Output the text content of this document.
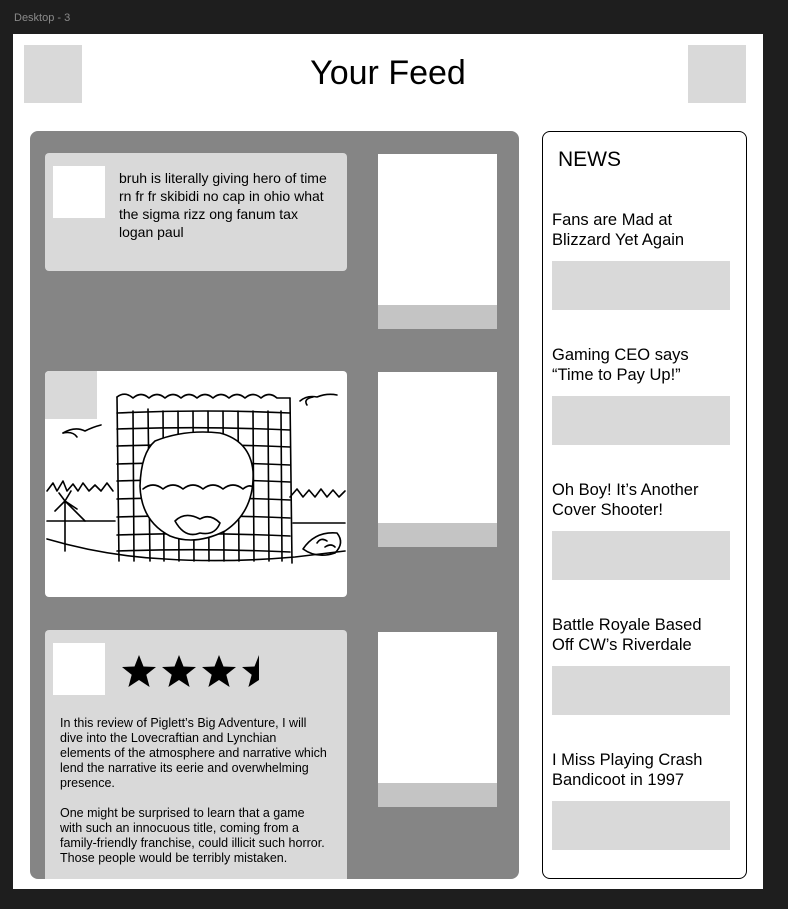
Desktop - 3
Your Feed
bruh is literally giving hero of time rn fr fr skibidi no cap in ohio what the sigma rizz ong fanum tax logan paul

In this review of Piglett’s Big Adventure, I will dive into the Lovecraftian and Lynchian elements of the atmosphere and narrative which lend the narrative its eerie and overwhelming presence.

One might be surprised to learn that a game with such an innocuous title, coming from a family-friendly franchise, could illicit such horror. Those people would be terribly mistaken.

NEWS
Fans are Mad at
Blizzard Yet Again
Gaming CEO says
“Time to Pay Up!”
Oh Boy! It’s Another
Cover Shooter!
Battle Royale Based
Off CW’s Riverdale
I Miss Playing Crash
Bandicoot in 1997
